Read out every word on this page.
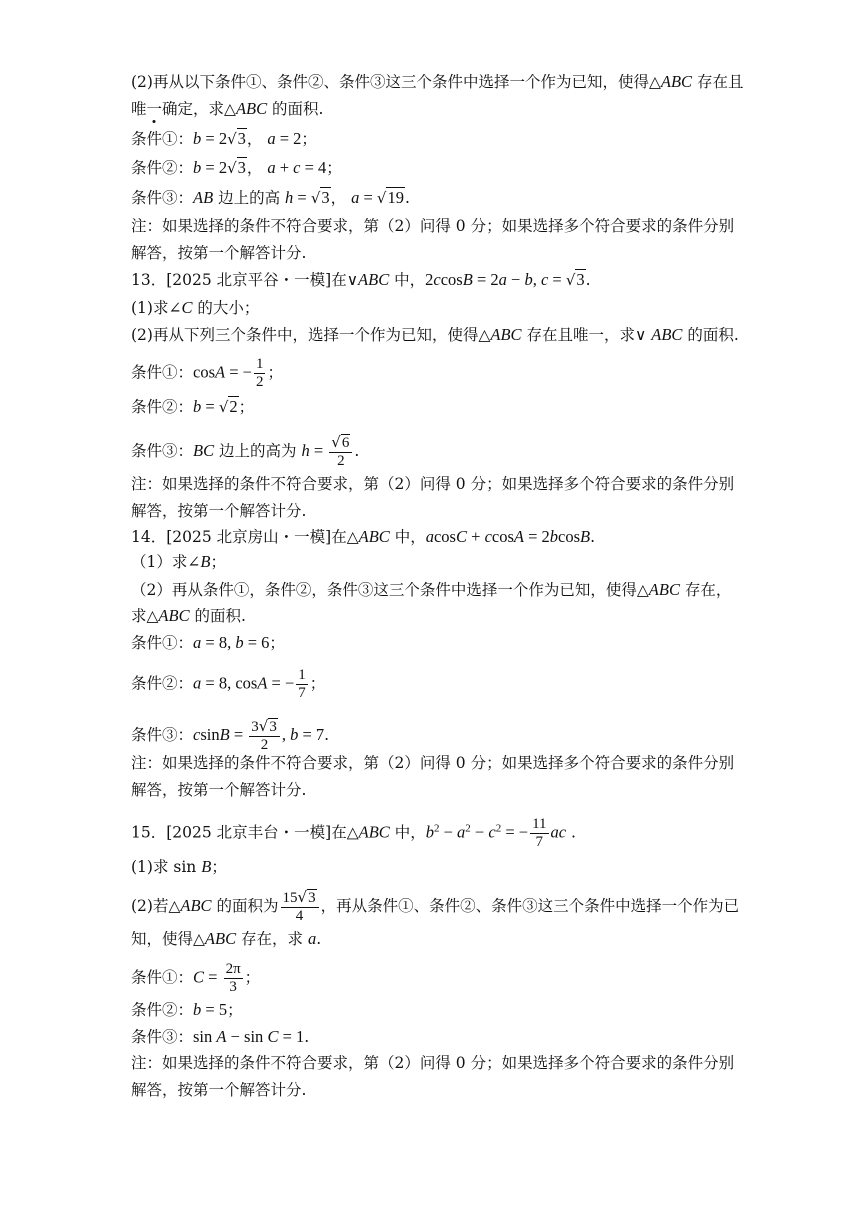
(2)再从以下条件①、条件②、条件③这三个条件中选择一个作为已知，使得△ABC 存在且
唯一确定，求△ABC 的面积.
条件①：b = 2√3， a = 2；
条件②：b = 2√3， a + c = 4；
条件③：AB 边上的高 h = √3， a = √19.
注：如果选择的条件不符合要求，第（2）问得 0 分；如果选择多个符合要求的条件分别
解答，按第一个解答计分.
13．[2025 北京平谷・一模]在∨ABC 中，2ccosB = 2a − b, c = √3.
(1)求∠C 的大小；
(2)再从下列三个条件中，选择一个作为已知，使得△ABC 存在且唯一，求∨ ABC 的面积.
条件①：cosA = − $\frac{1}{2}$ ；
条件②：b = √2；
条件③：BC 边上的高为 $h = \frac{√6}{2}$ .
注：如果选择的条件不符合要求，第（2）问得 0 分；如果选择多个符合要求的条件分别
解答，按第一个解答计分.
14．[2025 北京房山・一模]在△ABC 中，acosC + ccosA = 2bcosB.
（1）求∠B；
（2）再从条件①，条件②，条件③这三个条件中选择一个作为已知，使得△ABC 存在，
求△ABC 的面积.
条件①：a = 8, b = 6；
条件②：a = 8, cosA = − $\frac{1}{7}$ ；
条件③：$csinB = \frac{3√3}{2}$ , b = 7.
注：如果选择的条件不符合要求，第（2）问得 0 分；如果选择多个符合要求的条件分别
解答，按第一个解答计分.
15．[2025 北京丰台・一模]在△ABC 中，$b^2 - a^2 - c^2$ = − $\frac{11}{7}$ ac .
(1)求 sin B；
(2)若△ABC 的面积为 $\frac{15√3}{4}$ ，再从条件①、条件②、条件③这三个条件中选择一个作为已
知，使得△ABC 存在，求 a.
条件①：$C = \frac{2\pi}{3}$ ；
条件②：b = 5；
条件③：sin A − sin C = 1.
注：如果选择的条件不符合要求，第（2）问得 0 分；如果选择多个符合要求的条件分别
解答，按第一个解答计分.
